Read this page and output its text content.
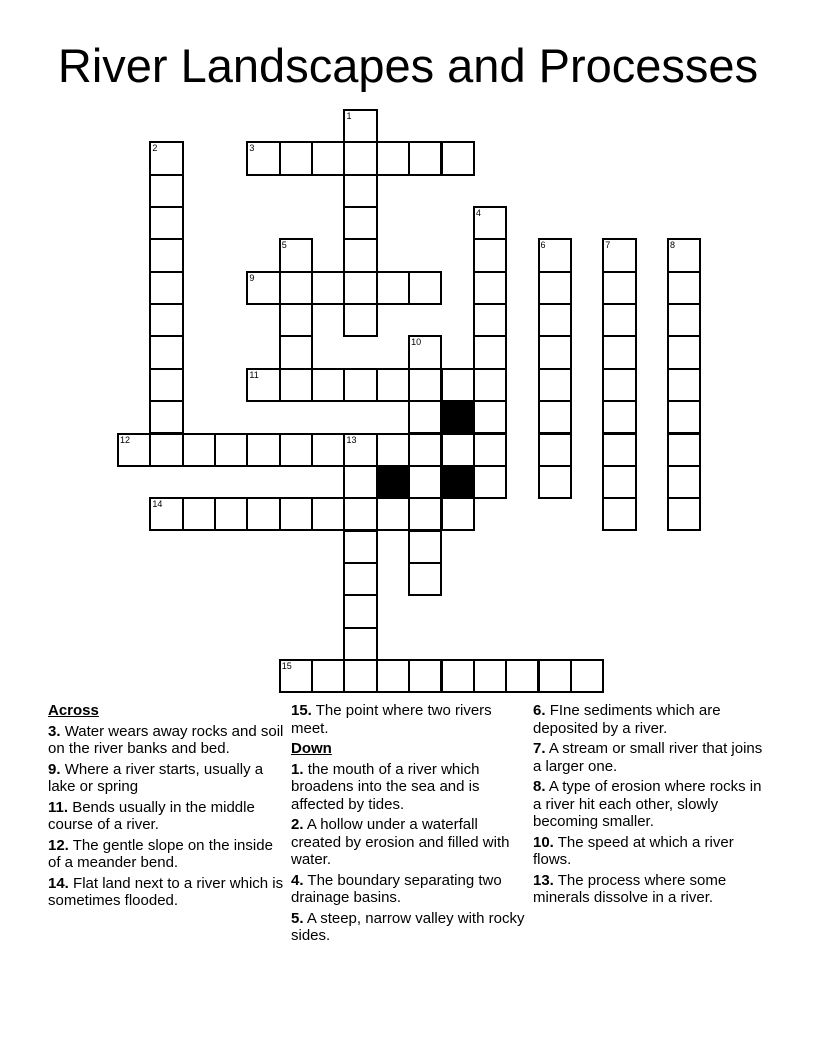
River Landscapes and Processes
1
2	3
4
5	6	7	8
9
10
11
12	13
14
15
Across
3. Water wears away rocks and soil on the river banks and bed.
9. Where a river starts, usually a lake or spring
11. Bends usually in the middle course of a river.
12. The gentle slope on the inside of a meander bend.
14. Flat land next to a river which is sometimes flooded.
15. The point where two rivers meet.
Down
1. the mouth of a river which broadens into the sea and is affected by tides.
2. A hollow under a waterfall created by erosion and filled with water.
4. The boundary separating two drainage basins.
5. A steep, narrow valley with rocky sides.
6. FIne sediments which are deposited by a river.
7. A stream or small river that joins a larger one.
8. A type of erosion where rocks in a river hit each other, slowly becoming smaller.
10. The speed at which a river flows.
13. The process where some minerals dissolve in a river.
